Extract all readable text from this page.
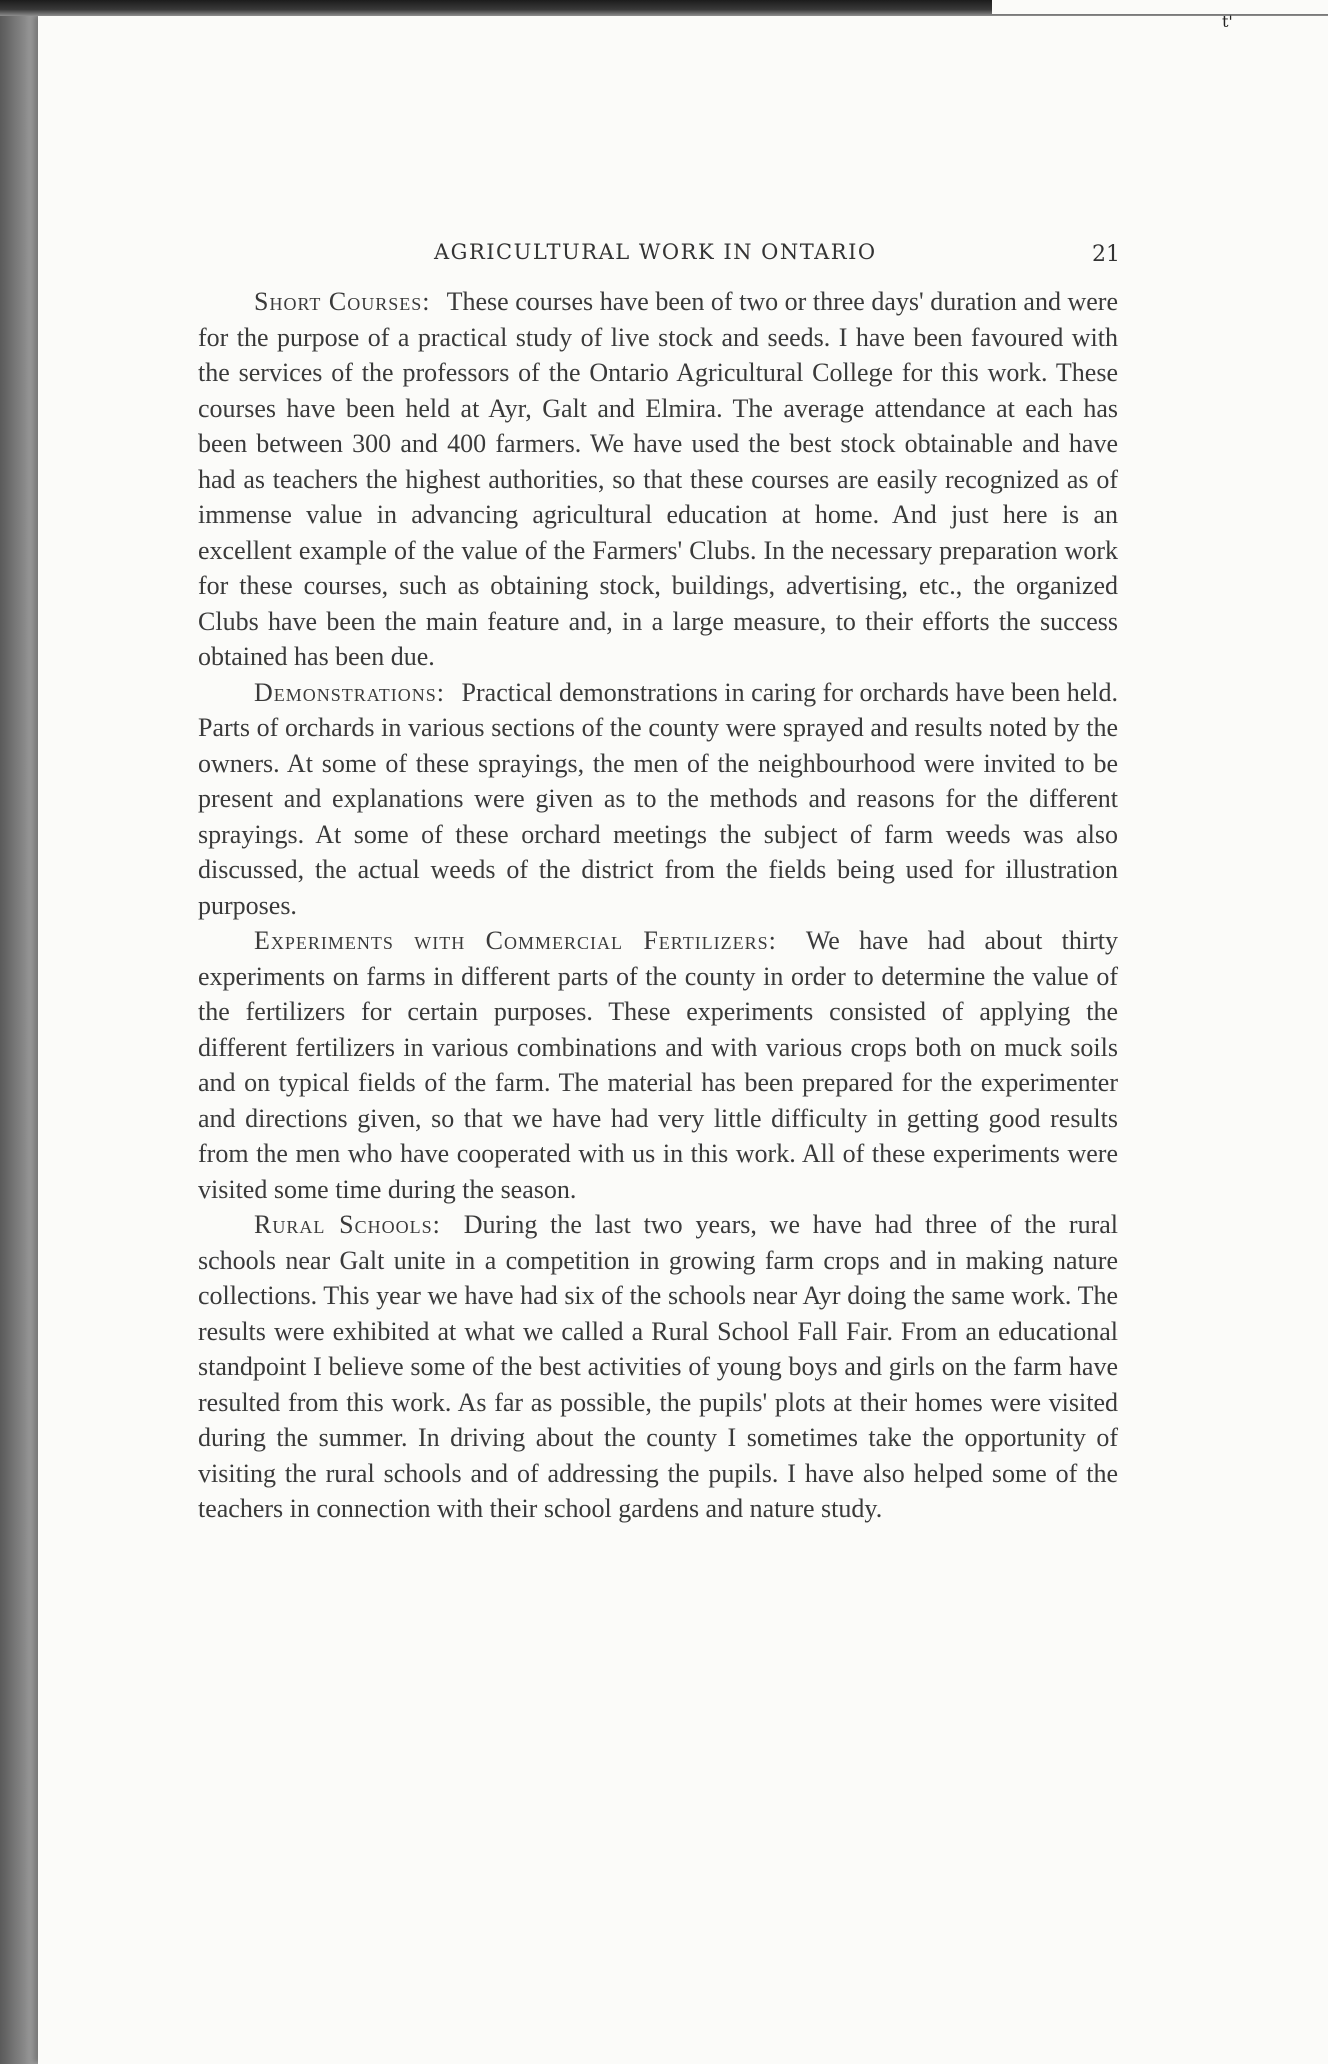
t'
AGRICULTURAL WORK IN ONTARIO	21

Short Courses: These courses have been of two or three days' duration and were for the purpose of a practical study of live stock and seeds. I have been favoured with the services of the professors of the Ontario Agricultural College for this work. These courses have been held at Ayr, Galt and Elmira. The average attendance at each has been between 300 and 400 farmers. We have used the best stock obtainable and have had as teachers the highest authorities, so that these courses are easily recognized as of immense value in advancing agricultural education at home. And just here is an excellent example of the value of the Farmers' Clubs. In the necessary preparation work for these courses, such as obtaining stock, buildings, advertising, etc., the organized Clubs have been the main feature and, in a large measure, to their efforts the success obtained has been due.

Demonstrations: Practical demonstrations in caring for orchards have been held. Parts of orchards in various sections of the county were sprayed and results noted by the owners. At some of these sprayings, the men of the neighbourhood were invited to be present and explanations were given as to the methods and reasons for the different sprayings. At some of these orchard meetings the subject of farm weeds was also discussed, the actual weeds of the district from the fields being used for illustration purposes.

Experiments with Commercial Fertilizers: We have had about thirty experiments on farms in different parts of the county in order to determine the value of the fertilizers for certain purposes. These experiments consisted of applying the different fertilizers in various combinations and with various crops both on muck soils and on typical fields of the farm. The material has been prepared for the experimenter and directions given, so that we have had very little difficulty in getting good results from the men who have cooperated with us in this work. All of these experiments were visited some time during the season.

Rural Schools: During the last two years, we have had three of the rural schools near Galt unite in a competition in growing farm crops and in making nature collections. This year we have had six of the schools near Ayr doing the same work. The results were exhibited at what we called a Rural School Fall Fair. From an educational standpoint I believe some of the best activities of young boys and girls on the farm have resulted from this work. As far as possible, the pupils' plots at their homes were visited during the summer. In driving about the county I sometimes take the opportunity of visiting the rural schools and of addressing the pupils. I have also helped some of the teachers in connection with their school gardens and nature study.
